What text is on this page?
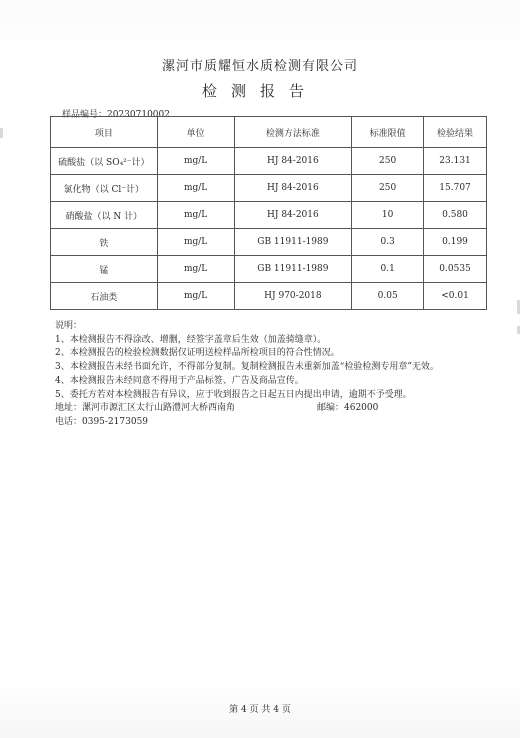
漯河市质耀恒水质检测有限公司
检测报告
样品编号：20230710002
项目	单位	检测方法标准	标准限值	检验结果
硫酸盐（以 SO₄²⁻计）	mg/L	HJ 84-2016	250	23.131
氯化物（以 Cl⁻计）	mg/L	HJ 84-2016	250	15.707
硝酸盐（以 N 计）	mg/L	HJ 84-2016	10	0.580
铁	mg/L	GB 11911-1989	0.3	0.199
锰	mg/L	GB 11911-1989	0.1	0.0535
石油类	mg/L	HJ 970-2018	0.05	<0.01
说明：
1、本检测报告不得涂改、增删，经签字盖章后生效（加盖骑缝章）。
2、本检测报告的检验检测数据仅证明送检样品所检项目的符合性情况。
3、本检测报告未经书面允许，不得部分复制。复制检测报告未重新加盖“检验检测专用章”无效。
4、本检测报告未经同意不得用于产品标签、广告及商品宣传。
5、委托方若对本检测报告有异议，应于收到报告之日起五日内提出申请，逾期不予受理。
地址：漯河市源汇区太行山路澧河大桥西南角	邮编：462000
电话：0395-2173059
第 4 页 共 4 页
